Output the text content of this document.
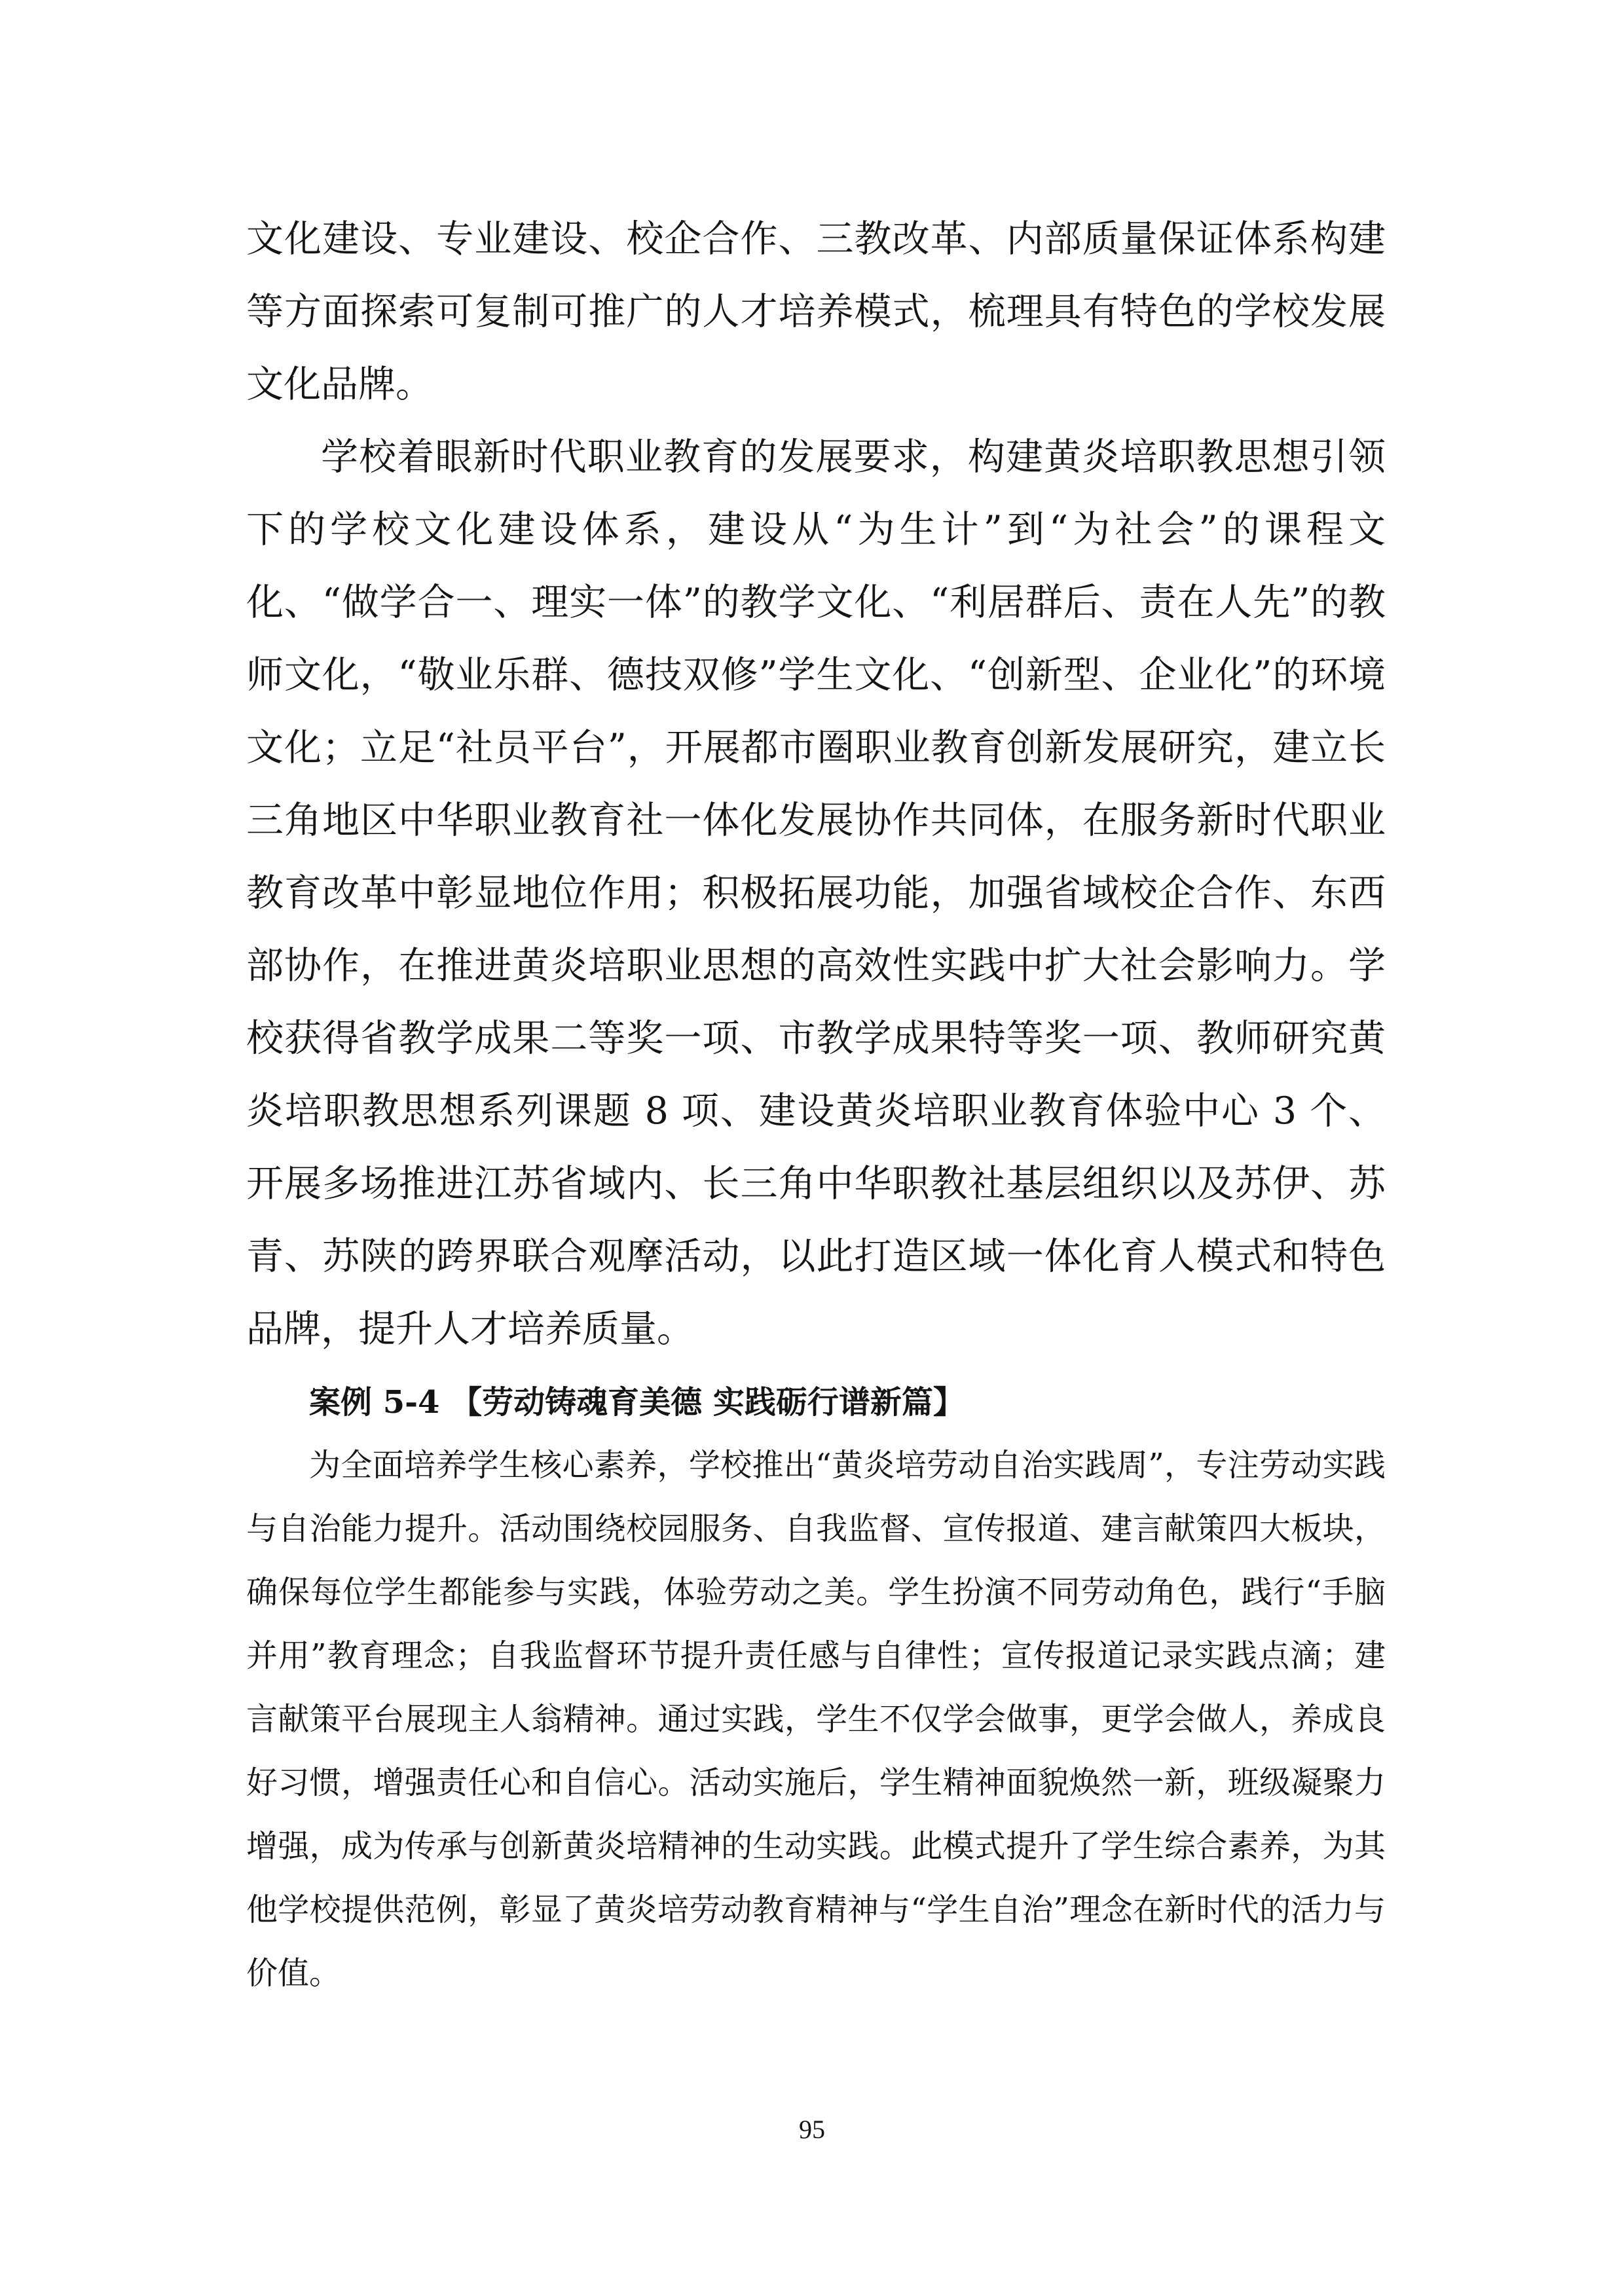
文化建设、专业建设、校企合作、三教改革、内部质量保证体系构建等方面探索可复制可推广的人才培养模式，梳理具有特色的学校发展文化品牌。

学校着眼新时代职业教育的发展要求，构建黄炎培职教思想引领下的学校文化建设体系，建设从“为生计”到“为社会”的课程文化、“做学合一、理实一体”的教学文化、“利居群后、责在人先”的教师文化，“敬业乐群、德技双修”学生文化、“创新型、企业化”的环境文化；立足“社员平台”，开展都市圈职业教育创新发展研究，建立长三角地区中华职业教育社一体化发展协作共同体，在服务新时代职业教育改革中彰显地位作用；积极拓展功能，加强省域校企合作、东西部协作，在推进黄炎培职业思想的高效性实践中扩大社会影响力。学校获得省教学成果二等奖一项、市教学成果特等奖一项、教师研究黄炎培职教思想系列课题 8 项、建设黄炎培职业教育体验中心 3 个、开展多场推进江苏省域内、长三角中华职教社基层组织以及苏伊、苏青、苏陕的跨界联合观摩活动，以此打造区域一体化育人模式和特色品牌，提升人才培养质量。

案例 5-4 【劳动铸魂育美德 实践砺行谱新篇】

为全面培养学生核心素养，学校推出“黄炎培劳动自治实践周”，专注劳动实践与自治能力提升。活动围绕校园服务、自我监督、宣传报道、建言献策四大板块，确保每位学生都能参与实践，体验劳动之美。学生扮演不同劳动角色，践行“手脑并用”教育理念；自我监督环节提升责任感与自律性；宣传报道记录实践点滴；建言献策平台展现主人翁精神。通过实践，学生不仅学会做事，更学会做人，养成良好习惯，增强责任心和自信心。活动实施后，学生精神面貌焕然一新，班级凝聚力增强，成为传承与创新黄炎培精神的生动实践。此模式提升了学生综合素养，为其他学校提供范例，彰显了黄炎培劳动教育精神与“学生自治”理念在新时代的活力与价值。

95
